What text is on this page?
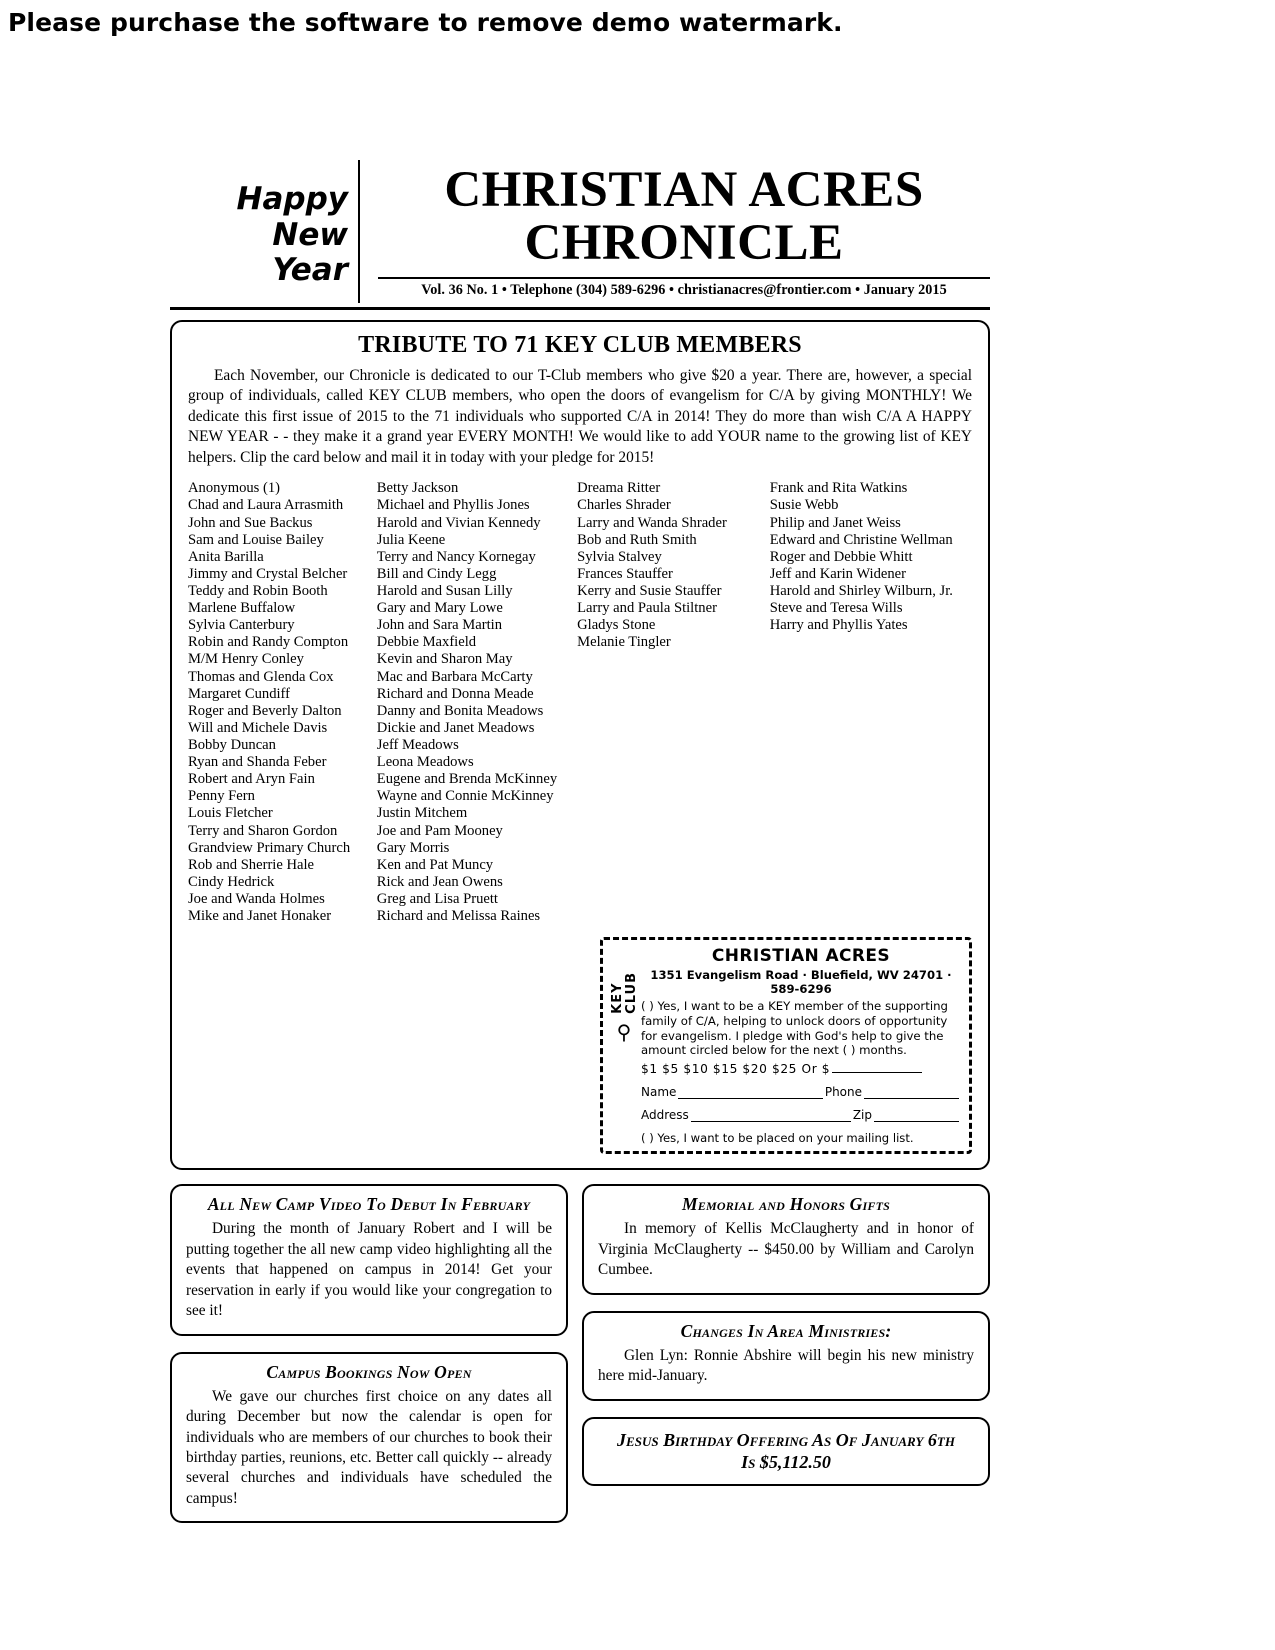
Please purchase the software to remove demo watermark.
Happy
New
Year
CHRISTIAN ACRES
CHRONICLE
Vol. 36 No. 1 • Telephone (304) 589-6296 • christianacres@frontier.com • January 2015
TRIBUTE TO 71 KEY CLUB MEMBERS
Each November, our Chronicle is dedicated to our T-Club members who give $20 a year. There are, however, a special group of individuals, called KEY CLUB members, who open the doors of evangelism for C/A by giving MONTHLY! We dedicate this first issue of 2015 to the 71 individuals who supported C/A in 2014! They do more than wish C/A A HAPPY NEW YEAR - - they make it a grand year EVERY MONTH! We would like to add YOUR name to the growing list of KEY helpers. Clip the card below and mail it in today with your pledge for 2015!
Anonymous (1)
Chad and Laura Arrasmith
John and Sue Backus
Sam and Louise Bailey
Anita Barilla
Jimmy and Crystal Belcher
Teddy and Robin Booth
Marlene Buffalow
Sylvia Canterbury
Robin and Randy Compton
M/M Henry Conley
Thomas and Glenda Cox
Margaret Cundiff
Roger and Beverly Dalton
Will and Michele Davis
Bobby Duncan
Ryan and Shanda Feber
Robert and Aryn Fain
Penny Fern
Louis Fletcher
Terry and Sharon Gordon
Grandview Primary Church
Rob and Sherrie Hale
Cindy Hedrick
Joe and Wanda Holmes
Mike and Janet Honaker
Betty Jackson
Michael and Phyllis Jones
Harold and Vivian Kennedy
Julia Keene
Terry and Nancy Kornegay
Bill and Cindy Legg
Harold and Susan Lilly
Gary and Mary Lowe
John and Sara Martin
Debbie Maxfield
Kevin and Sharon May
Mac and Barbara McCarty
Richard and Donna Meade
Danny and Bonita Meadows
Dickie and Janet Meadows
Jeff Meadows
Leona Meadows
Eugene and Brenda McKinney
Wayne and Connie McKinney
Justin Mitchem
Joe and Pam Mooney
Gary Morris
Ken and Pat Muncy
Rick and Jean Owens
Greg and Lisa Pruett
Richard and Melissa Raines
Dreama Ritter
Charles Shrader
Larry and Wanda Shrader
Bob and Ruth Smith
Sylvia Stalvey
Frances Stauffer
Kerry and Susie Stauffer
Larry and Paula Stiltner
Gladys Stone
Melanie Tingler
Frank and Rita Watkins
Susie Webb
Philip and Janet Weiss
Edward and Christine Wellman
Roger and Debbie Whitt
Jeff and Karin Widener
Harold and Shirley Wilburn, Jr.
Steve and Teresa Wills
Harry and Phyllis Yates
KEY CLUB
⚲
CHRISTIAN ACRES
1351 Evangelism Road · Bluefield, WV 24701 · 589-6296
( ) Yes, I want to be a KEY member of the supporting family of C/A, helping to unlock doors of opportunity for evangelism. I pledge with God's help to give the amount circled below for the next ( ) months.
$1 $5 $10 $15 $20 $25 Or $
Name	Phone
Address	Zip
( ) Yes, I want to be placed on your mailing list.
All New Camp Video To Debut In February
During the month of January Robert and I will be putting together the all new camp video highlighting all the events that happened on campus in 2014! Get your reservation in early if you would like your congregation to see it!
Campus Bookings Now Open
We gave our churches first choice on any dates all during December but now the calendar is open for individuals who are members of our churches to book their birthday parties, reunions, etc. Better call quickly -- already several churches and individuals have scheduled the campus!
Memorial and Honors Gifts
In memory of Kellis McClaugherty and in honor of Virginia McClaugherty -- $450.00 by William and Carolyn Cumbee.
Changes In Area Ministries:
Glen Lyn: Ronnie Abshire will begin his new ministry here mid-January.
Jesus Birthday Offering As Of January 6th
Is $5,112.50
